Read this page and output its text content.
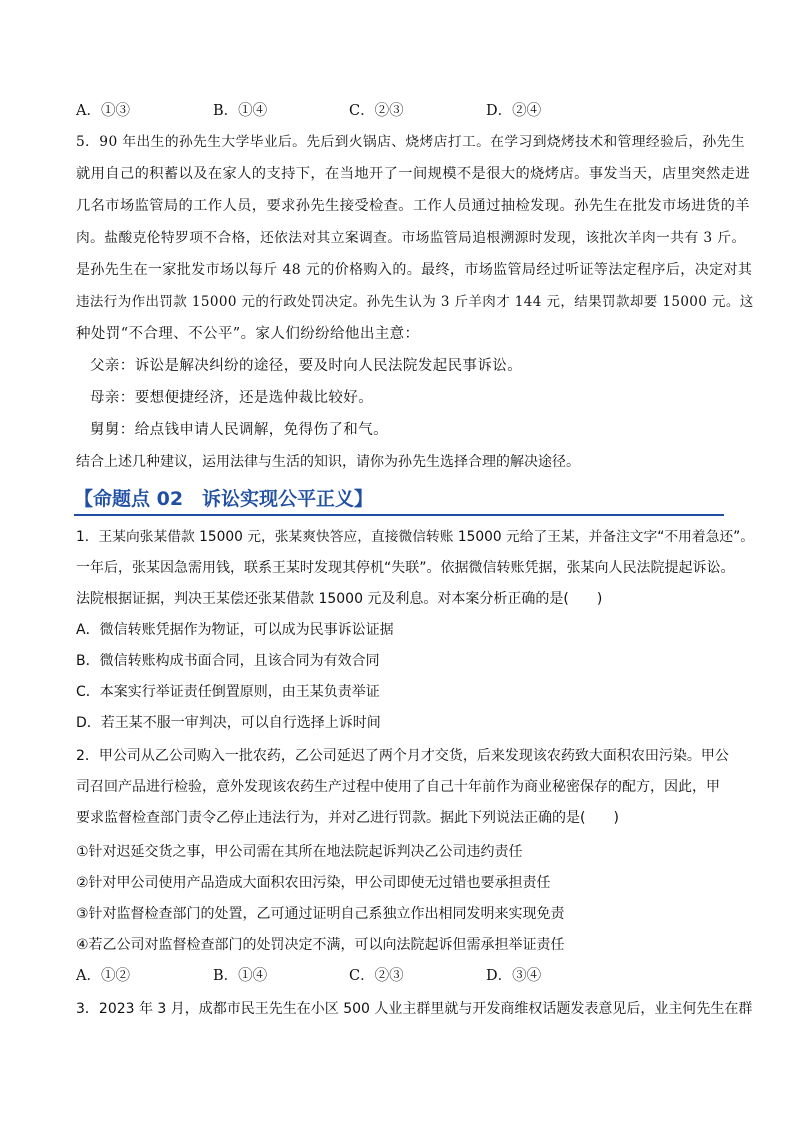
A．①③	B．①④	C．②③	D．②④
5．90 年出生的孙先生大学毕业后。先后到火锅店、烧烤店打工。在学习到烧烤技术和管理经验后，孙先生
就用自己的积蓄以及在家人的支持下，在当地开了一间规模不是很大的烧烤店。事发当天，店里突然走进
几名市场监管局的工作人员，要求孙先生接受检查。工作人员通过抽检发现。孙先生在批发市场进货的羊
肉。盐酸克伦特罗项不合格，还依法对其立案调查。市场监管局追根溯源时发现，该批次羊肉一共有 3 斤。
是孙先生在一家批发市场以每斤 48 元的价格购入的。最终，市场监管局经过听证等法定程序后，决定对其
违法行为作出罚款 15000 元的行政处罚决定。孙先生认为 3 斤羊肉才 144 元，结果罚款却要 15000 元。这
种处罚“不合理、不公平”。家人们纷纷给他出主意：
父亲：诉讼是解决纠纷的途径，要及时向人民法院发起民事诉讼。
母亲：要想便捷经济，还是选仲裁比较好。
舅舅：给点钱申请人民调解，免得伤了和气。
结合上述几种建议，运用法律与生活的知识，请你为孙先生选择合理的解决途径。
【命题点 02　诉讼实现公平正义】
1．王某向张某借款 15000 元，张某爽快答应，直接微信转账 15000 元给了王某，并备注文字“不用着急还”。
一年后，张某因急需用钱，联系王某时发现其停机“失联”。依据微信转账凭据，张某向人民法院提起诉讼。
法院根据证据，判决王某偿还张某借款 15000 元及利息。对本案分析正确的是(　　)
A．微信转账凭据作为物证，可以成为民事诉讼证据
B．微信转账构成书面合同，且该合同为有效合同
C．本案实行举证责任倒置原则，由王某负责举证
D．若王某不服一审判决，可以自行选择上诉时间
2．甲公司从乙公司购入一批农药，乙公司延迟了两个月才交货，后来发现该农药致大面积农田污染。甲公
司召回产品进行检验，意外发现该农药生产过程中使用了自己十年前作为商业秘密保存的配方，因此，甲
要求监督检查部门责令乙停止违法行为，并对乙进行罚款。据此下列说法正确的是(　　)
①针对迟延交货之事，甲公司需在其所在地法院起诉判决乙公司违约责任
②针对甲公司使用产品造成大面积农田污染，甲公司即使无过错也要承担责任
③针对监督检查部门的处置，乙可通过证明自己系独立作出相同发明来实现免责
④若乙公司对监督检查部门的处罚决定不满，可以向法院起诉但需承担举证责任
A．①②	B．①④	C．②③	D．③④
3．2023 年 3 月，成都市民王先生在小区 500 人业主群里就与开发商维权话题发表意见后，业主何先生在群
